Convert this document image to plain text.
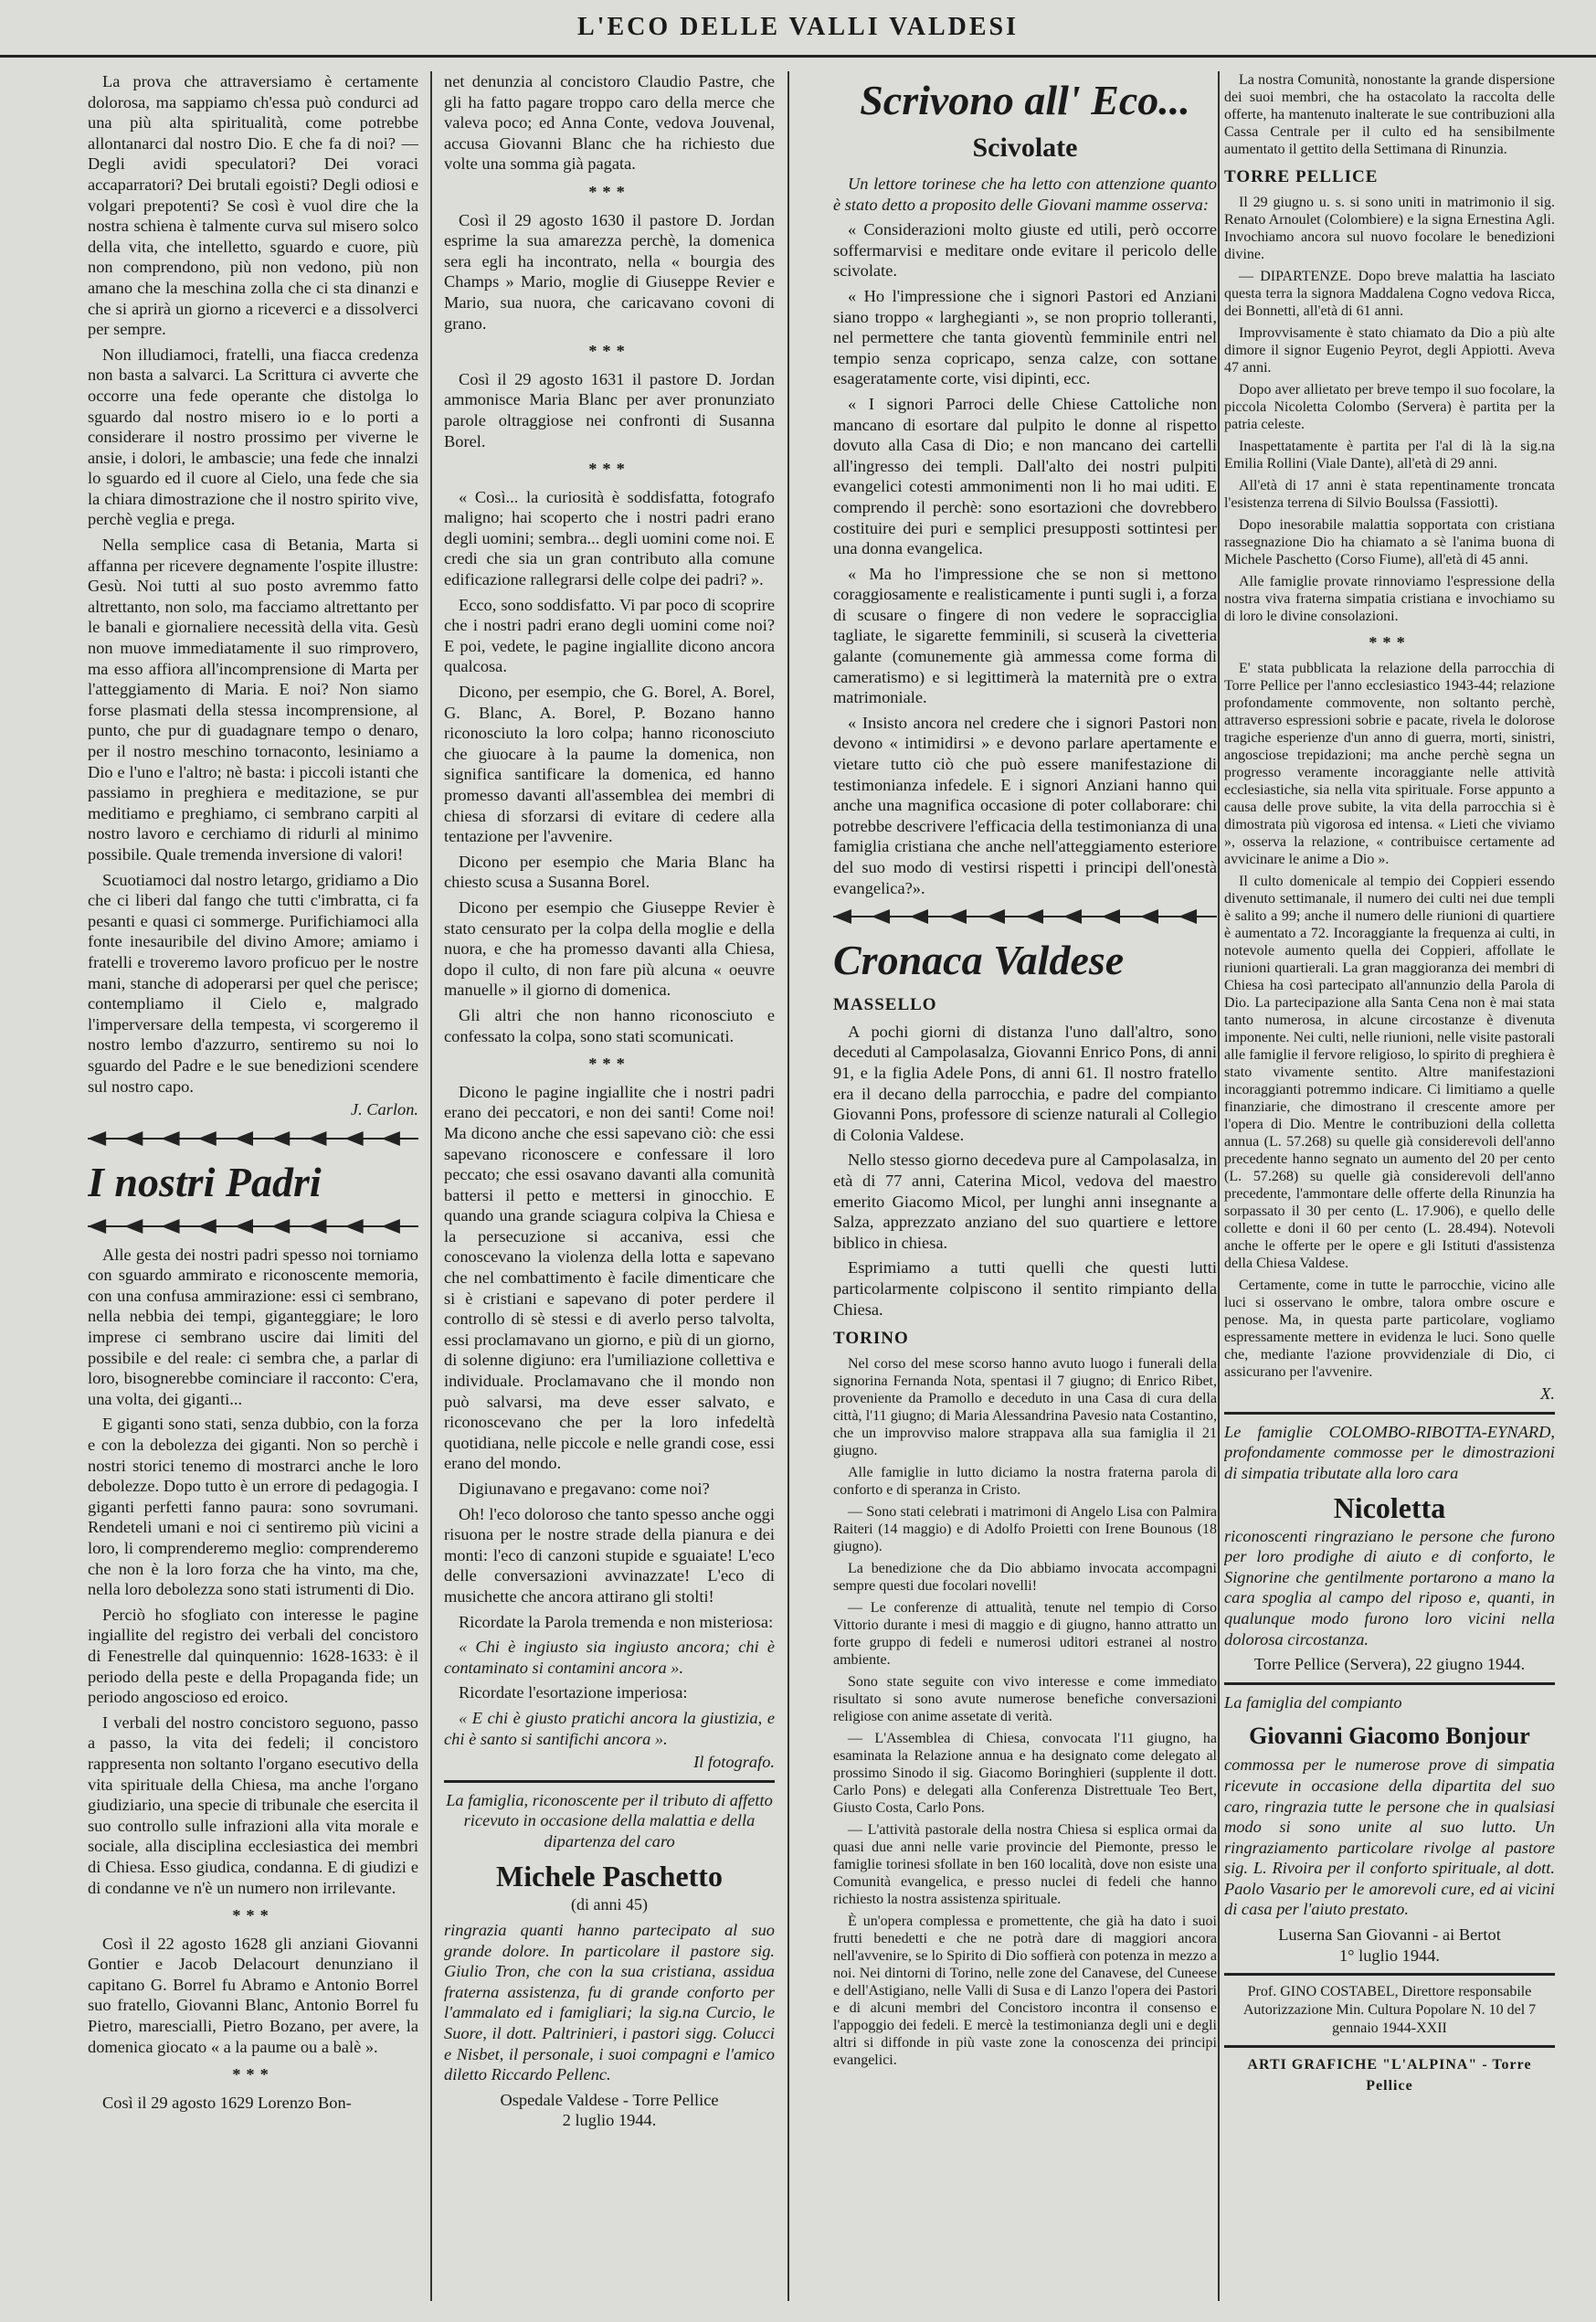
L'ECO DELLE VALLI VALDESI

La prova che attraversiamo è certamente dolorosa, ma sappiamo ch'essa può condurci ad una più alta spiritualità, come potrebbe allontanarci dal nostro Dio. E che fa di noi? — Degli avidi speculatori? Dei voraci accaparratori? Dei brutali egoisti? Degli odiosi e volgari prepotenti? Se così è vuol dire che la nostra schiena è talmente curva sul misero solco della vita, che intelletto, sguardo e cuore, più non comprendono, più non vedono, più non amano che la meschina zolla che ci sta dinanzi e che si aprirà un giorno a riceverci e a dissolverci per sempre.

Non illudiamoci, fratelli, una fiacca credenza non basta a salvarci. La Scrittura ci avverte che occorre una fede operante che distolga lo sguardo dal nostro misero io e lo porti a considerare il nostro prossimo per viverne le ansie, i dolori, le ambascie; una fede che innalzi lo sguardo ed il cuore al Cielo, una fede che sia la chiara dimostrazione che il nostro spirito vive, perchè veglia e prega.

Nella semplice casa di Betania, Marta si affanna per ricevere degnamente l'ospite illustre: Gesù. Noi tutti al suo posto avremmo fatto altrettanto, non solo, ma facciamo altrettanto per le banali e giornaliere necessità della vita. Gesù non muove immediatamente il suo rimprovero, ma esso affiora all'incomprensione di Marta per l'atteggiamento di Maria. E noi? Non siamo forse plasmati della stessa incomprensione, al punto, che pur di guadagnare tempo o denaro, per il nostro meschino tornaconto, lesiniamo a Dio e l'uno e l'altro; nè basta: i piccoli istanti che passiamo in preghiera e meditazione, se pur meditiamo e preghiamo, ci sembrano carpiti al nostro lavoro e cerchiamo di ridurli al minimo possibile. Quale tremenda inversione di valori!

Scuotiamoci dal nostro letargo, gridiamo a Dio che ci liberi dal fango che tutti c'imbratta, ci fa pesanti e quasi ci sommerge. Purifichiamoci alla fonte inesauribile del divino Amore; amiamo i fratelli e troveremo lavoro proficuo per le nostre mani, stanche di adoperarsi per quel che perisce; contempliamo il Cielo e, malgrado l'imperversare della tempesta, vi scorgeremo il nostro lembo d'azzurro, sentiremo su noi lo sguardo del Padre e le sue benedizioni scendere sul nostro capo.

J. Carlon.
I nostri Padri

Alle gesta dei nostri padri spesso noi torniamo con sguardo ammirato e riconoscente memoria, con una confusa ammirazione: essi ci sembrano, nella nebbia dei tempi, giganteggiare; le loro imprese ci sembrano uscire dai limiti del possibile e del reale: ci sembra che, a parlar di loro, bisognerebbe cominciare il racconto: C'era, una volta, dei giganti...

E giganti sono stati, senza dubbio, con la forza e con la debolezza dei giganti. Non so perchè i nostri storici tenemo di mostrarci anche le loro debolezze. Dopo tutto è un errore di pedagogia. I giganti perfetti fanno paura: sono sovrumani. Rendeteli umani e noi ci sentiremo più vicini a loro, li comprenderemo meglio: comprenderemo che non è la loro forza che ha vinto, ma che, nella loro debolezza sono stati istrumenti di Dio.

Perciò ho sfogliato con interesse le pagine ingiallite del registro dei verbali del concistoro di Fenestrelle dal quinquennio: 1628-1633: è il periodo della peste e della Propaganda fide; un periodo angoscioso ed eroico.

I verbali del nostro concistoro seguono, passo a passo, la vita dei fedeli; il concistoro rappresenta non soltanto l'organo esecutivo della vita spirituale della Chiesa, ma anche l'organo giudiziario, una specie di tribunale che esercita il suo controllo sulle infrazioni alla vita morale e sociale, alla disciplina ecclesiastica dei membri di Chiesa. Esso giudica, condanna. E di giudizi e di condanne ve n'è un numero non irrilevante.

***

Così il 22 agosto 1628 gli anziani Giovanni Gontier e Jacob Delacourt denunziano il capitano G. Borrel fu Abramo e Antonio Borrel suo fratello, Giovanni Blanc, Antonio Borrel fu Pietro, marescialli, Pietro Bozano, per avere, la domenica giocato « a la paume ou a balè ».

***

Così il 29 agosto 1629 Lorenzo Bon-

net denunzia al concistoro Claudio Pastre, che gli ha fatto pagare troppo caro della merce che valeva poco; ed Anna Conte, vedova Jouvenal, accusa Giovanni Blanc che ha richiesto due volte una somma già pagata.

***

Così il 29 agosto 1630 il pastore D. Jordan esprime la sua amarezza perchè, la domenica sera egli ha incontrato, nella « bourgia des Champs » Mario, moglie di Giuseppe Revier e Mario, sua nuora, che caricavano covoni di grano.

***

Così il 29 agosto 1631 il pastore D. Jordan ammonisce Maria Blanc per aver pronunziato parole oltraggiose nei confronti di Susanna Borel.

***

« Così... la curiosità è soddisfatta, fotografo maligno; hai scoperto che i nostri padri erano degli uomini; sembra... degli uomini come noi. E credi che sia un gran contributo alla comune edificazione rallegrarsi delle colpe dei padri? ».

Ecco, sono soddisfatto. Vi par poco di scoprire che i nostri padri erano degli uomini come noi? E poi, vedete, le pagine ingiallite dicono ancora qualcosa.

Dicono, per esempio, che G. Borel, A. Borel, G. Blanc, A. Borel, P. Bozano hanno riconosciuto la loro colpa; hanno riconosciuto che giuocare à la paume la domenica, non significa santificare la domenica, ed hanno promesso davanti all'assemblea dei membri di chiesa di sforzarsi di evitare di cedere alla tentazione per l'avvenire.

Dicono per esempio che Maria Blanc ha chiesto scusa a Susanna Borel.

Dicono per esempio che Giuseppe Revier è stato censurato per la colpa della moglie e della nuora, e che ha promesso davanti alla Chiesa, dopo il culto, di non fare più alcuna « oeuvre manuelle » il giorno di domenica.

Gli altri che non hanno riconosciuto e confessato la colpa, sono stati scomunicati.

***

Dicono le pagine ingiallite che i nostri padri erano dei peccatori, e non dei santi! Come noi! Ma dicono anche che essi sapevano ciò: che essi sapevano riconoscere e confessare il loro peccato; che essi osavano davanti alla comunità battersi il petto e mettersi in ginocchio. E quando una grande sciagura colpiva la Chiesa e la persecuzione si accaniva, essi che conoscevano la violenza della lotta e sapevano che nel combattimento è facile dimenticare che si è cristiani e sapevano di poter perdere il controllo di sè stessi e di averlo perso talvolta, essi proclamavano un giorno, e più di un giorno, di solenne digiuno: era l'umiliazione collettiva e individuale. Proclamavano che il mondo non può salvarsi, ma deve esser salvato, e riconoscevano che per la loro infedeltà quotidiana, nelle piccole e nelle grandi cose, essi erano del mondo.

Digiunavano e pregavano: come noi?

Oh! l'eco doloroso che tanto spesso anche oggi risuona per le nostre strade della pianura e dei monti: l'eco di canzoni stupide e sguaiate! L'eco delle conversazioni avvinazzate! L'eco di musichette che ancora attirano gli stolti!

Ricordate la Parola tremenda e non misteriosa:

« Chi è ingiusto sia ingiusto ancora; chi è contaminato si contamini ancora ».

Ricordate l'esortazione imperiosa:

« E chi è giusto pratichi ancora la giustizia, e chi è santo si santifichi ancora ».

Il fotografo.

La famiglia, riconoscente per il tributo di affetto ricevuto in occasione della malattia e della dipartenza del caro

Michele Paschetto
(di anni 45)

ringrazia quanti hanno partecipato al suo grande dolore. In particolare il pastore sig. Giulio Tron, che con la sua cristiana, assidua fraterna assistenza, fu di grande conforto per l'ammalato ed i famigliari; la sig.na Curcio, le Suore, il dott. Paltrinieri, i pastori sigg. Colucci e Nisbet, il personale, i suoi compagni e l'amico diletto Riccardo Pellenc.

Ospedale Valdese - Torre Pellice
2 luglio 1944.
Scrivono all' Eco...
Scivolate

Un lettore torinese che ha letto con attenzione quanto è stato detto a proposito delle Giovani mamme osserva:

« Considerazioni molto giuste ed utili, però occorre soffermarvisi e meditare onde evitare il pericolo delle scivolate.

« Ho l'impressione che i signori Pastori ed Anziani siano troppo « larghegianti », se non proprio tolleranti, nel permettere che tanta gioventù femminile entri nel tempio senza copricapo, senza calze, con sottane esageratamente corte, visi dipinti, ecc.

« I signori Parroci delle Chiese Cattoliche non mancano di esortare dal pulpito le donne al rispetto dovuto alla Casa di Dio; e non mancano dei cartelli all'ingresso dei templi. Dall'alto dei nostri pulpiti evangelici cotesti ammonimenti non li ho mai uditi. E comprendo il perchè: sono esortazioni che dovrebbero costituire dei puri e semplici presupposti sottintesi per una donna evangelica.

« Ma ho l'impressione che se non si mettono coraggiosamente e realisticamente i punti sugli i, a forza di scusare o fingere di non vedere le sopracciglia tagliate, le sigarette femminili, si scuserà la civetteria galante (comunemente già ammessa come forma di cameratismo) e si legittimerà la maternità pre o extra matrimoniale.

« Insisto ancora nel credere che i signori Pastori non devono « intimidirsi » e devono parlare apertamente e vietare tutto ciò che può essere manifestazione di testimonianza infedele. E i signori Anziani hanno qui anche una magnifica occasione di poter collaborare: chi potrebbe descrivere l'efficacia della testimonianza di una famiglia cristiana che anche nell'atteggiamento esteriore del suo modo di vestirsi rispetti i principi dell'onestà evangelica?».

Cronaca Valdese
MASSELLO

A pochi giorni di distanza l'uno dall'altro, sono deceduti al Campolasalza, Giovanni Enrico Pons, di anni 91, e la figlia Adele Pons, di anni 61. Il nostro fratello era il decano della parrocchia, e padre del compianto Giovanni Pons, professore di scienze naturali al Collegio di Colonia Valdese.

Nello stesso giorno decedeva pure al Campolasalza, in età di 77 anni, Caterina Micol, vedova del maestro emerito Giacomo Micol, per lunghi anni insegnante a Salza, apprezzato anziano del suo quartiere e lettore biblico in chiesa.

Esprimiamo a tutti quelli che questi lutti particolarmente colpiscono il sentito rimpianto della Chiesa.

TORINO

Nel corso del mese scorso hanno avuto luogo i funerali della signorina Fernanda Nota, spentasi il 7 giugno; di Enrico Ribet, proveniente da Pramollo e deceduto in una Casa di cura della città, l'11 giugno; di Maria Alessandrina Pavesio nata Costantino, che un improvviso malore strappava alla sua famiglia il 21 giugno.

Alle famiglie in lutto diciamo la nostra fraterna parola di conforto e di speranza in Cristo.

— Sono stati celebrati i matrimoni di Angelo Lisa con Palmira Raiteri (14 maggio) e di Adolfo Proietti con Irene Bounous (18 giugno).

La benedizione che da Dio abbiamo invocata accompagni sempre questi due focolari novelli!

— Le conferenze di attualità, tenute nel tempio di Corso Vittorio durante i mesi di maggio e di giugno, hanno attratto un forte gruppo di fedeli e numerosi uditori estranei al nostro ambiente.

Sono state seguite con vivo interesse e come immediato risultato si sono avute numerose benefiche conversazioni religiose con anime assetate di verità.

— L'Assemblea di Chiesa, convocata l'11 giugno, ha esaminata la Relazione annua e ha designato come delegato al prossimo Sinodo il sig. Giacomo Boringhieri (supplente il dott. Carlo Pons) e delegati alla Conferenza Distrettuale Teo Bert, Giusto Costa, Carlo Pons.

— L'attività pastorale della nostra Chiesa si esplica ormai da quasi due anni nelle varie provincie del Piemonte, presso le famiglie torinesi sfollate in ben 160 località, dove non esiste una Comunità evangelica, e presso nuclei di fedeli che hanno richiesto la nostra assistenza spirituale.

È un'opera complessa e promettente, che già ha dato i suoi frutti benedetti e che ne potrà dare di maggiori ancora nell'avvenire, se lo Spirito di Dio soffierà con potenza in mezzo a noi. Nei dintorni di Torino, nelle zone del Canavese, del Cuneese e dell'Astigiano, nelle Valli di Susa e di Lanzo l'opera dei Pastori e di alcuni membri del Concistoro incontra il consenso e l'appoggio dei fedeli. E mercè la testimonianza degli uni e degli altri si diffonde in più vaste zone la conoscenza dei principi evangelici.

La nostra Comunità, nonostante la grande dispersione dei suoi membri, che ha ostacolato la raccolta delle offerte, ha mantenuto inalterate le sue contribuzioni alla Cassa Centrale per il culto ed ha sensibilmente aumentato il gettito della Settimana di Rinunzia.

TORRE PELLICE

Il 29 giugno u. s. si sono uniti in matrimonio il sig. Renato Arnoulet (Colombiere) e la signa Ernestina Agli. Invochiamo ancora sul nuovo focolare le benedizioni divine.

— DIPARTENZE. Dopo breve malattia ha lasciato questa terra la signora Maddalena Cogno vedova Ricca, dei Bonnetti, all'età di 61 anni.

Improvvisamente è stato chiamato da Dio a più alte dimore il signor Eugenio Peyrot, degli Appiotti. Aveva 47 anni.

Dopo aver allietato per breve tempo il suo focolare, la piccola Nicoletta Colombo (Servera) è partita per la patria celeste.

Inaspettatamente è partita per l'al di là la sig.na Emilia Rollini (Viale Dante), all'età di 29 anni.

All'età di 17 anni è stata repentinamente troncata l'esistenza terrena di Silvio Boulssa (Fassiotti).

Dopo inesorabile malattia sopportata con cristiana rassegnazione Dio ha chiamato a sè l'anima buona di Michele Paschetto (Corso Fiume), all'età di 45 anni.

Alle famiglie provate rinnoviamo l'espressione della nostra viva fraterna simpatia cristiana e invochiamo su di loro le divine consolazioni.

***

E' stata pubblicata la relazione della parrocchia di Torre Pellice per l'anno ecclesiastico 1943-44; relazione profondamente commovente, non soltanto perchè, attraverso espressioni sobrie e pacate, rivela le dolorose tragiche esperienze d'un anno di guerra, morti, sinistri, angosciose trepidazioni; ma anche perchè segna un progresso veramente incoraggiante nelle attività ecclesiastiche, sia nella vita spirituale. Forse appunto a causa delle prove subite, la vita della parrocchia si è dimostrata più vigorosa ed intensa. « Lieti che viviamo », osserva la relazione, « contribuisce certamente ad avvicinare le anime a Dio ».

Il culto domenicale al tempio dei Coppieri essendo divenuto settimanale, il numero dei culti nei due templi è salito a 99; anche il numero delle riunioni di quartiere è aumentato a 72. Incoraggiante la frequenza ai culti, in notevole aumento quella dei Coppieri, affollate le riunioni quartierali. La gran maggioranza dei membri di Chiesa ha così partecipato all'annunzio della Parola di Dio. La partecipazione alla Santa Cena non è mai stata tanto numerosa, in alcune circostanze è divenuta imponente. Nei culti, nelle riunioni, nelle visite pastorali alle famiglie il fervore religioso, lo spirito di preghiera è stato vivamente sentito. Altre manifestazioni incoraggianti potremmo indicare. Ci limitiamo a quelle finanziarie, che dimostrano il crescente amore per l'opera di Dio. Mentre le contribuzioni della colletta annua (L. 57.268) su quelle già considerevoli dell'anno precedente hanno segnato un aumento del 20 per cento (L. 57.268) su quelle già considerevoli dell'anno precedente, l'ammontare delle offerte della Rinunzia ha sorpassato il 30 per cento (L. 17.906), e quello delle collette e doni il 60 per cento (L. 28.494). Notevoli anche le offerte per le opere e gli Istituti d'assistenza della Chiesa Valdese.

Certamente, come in tutte le parrocchie, vicino alle luci si osservano le ombre, talora ombre oscure e penose. Ma, in questa parte particolare, vogliamo espressamente mettere in evidenza le luci. Sono quelle che, mediante l'azione provvidenziale di Dio, ci assicurano per l'avvenire.

X.

Le famiglie COLOMBO-RIBOTTA-EYNARD, profondamente commosse per le dimostrazioni di simpatia tributate alla loro cara

Nicoletta

riconoscenti ringraziano le persone che furono per loro prodighe di aiuto e di conforto, le Signorine che gentilmente portarono a mano la cara spoglia al campo del riposo e, quanti, in qualunque modo furono loro vicini nella dolorosa circostanza.

Torre Pellice (Servera), 22 giugno 1944.

La famiglia del compianto

Giovanni Giacomo Bonjour

commossa per le numerose prove di simpatia ricevute in occasione della dipartita del suo caro, ringrazia tutte le persone che in qualsiasi modo si sono unite al suo lutto. Un ringraziamento particolare rivolge al pastore sig. L. Rivoira per il conforto spirituale, al dott. Paolo Vasario per le amorevoli cure, ed ai vicini di casa per l'aiuto prestato.

Luserna San Giovanni - ai Bertot
1° luglio 1944.
Prof. GINO COSTABEL, Direttore responsabile
Autorizzazione Min. Cultura Popolare N. 10 del 7 gennaio 1944-XXII
ARTI GRAFICHE "L'ALPINA" - Torre Pellice
